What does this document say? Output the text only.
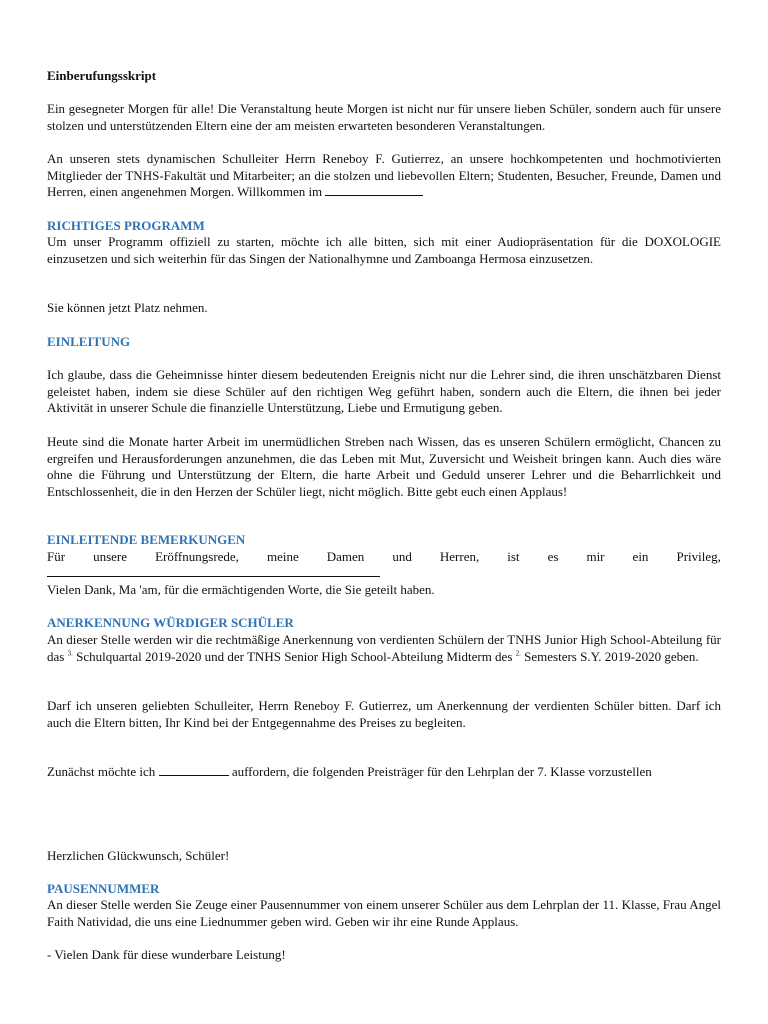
Einberufungsskript
Ein gesegneter Morgen für alle! Die Veranstaltung heute Morgen ist nicht nur für unsere lieben Schüler, sondern auch für unsere stolzen und unterstützenden Eltern eine der am meisten erwarteten besonderen Veranstaltungen.
An unseren stets dynamischen Schulleiter Herrn Reneboy F. Gutierrez, an unsere hochkompetenten und hochmotivierten Mitglieder der TNHS-Fakultät und Mitarbeiter; an die stolzen und liebevollen Eltern; Studenten, Besucher, Freunde, Damen und Herren, einen angenehmen Morgen. Willkommen im
RICHTIGES PROGRAMM
Um unser Programm offiziell zu starten, möchte ich alle bitten, sich mit einer Audiopräsentation für die DOXOLOGIE einzusetzen und sich weiterhin für das Singen der Nationalhymne und Zamboanga Hermosa einzusetzen.
Sie können jetzt Platz nehmen.
EINLEITUNG
Ich glaube, dass die Geheimnisse hinter diesem bedeutenden Ereignis nicht nur die Lehrer sind, die ihren unschätzbaren Dienst geleistet haben, indem sie diese Schüler auf den richtigen Weg geführt haben, sondern auch die Eltern, die ihnen bei jeder Aktivität in unserer Schule die finanzielle Unterstützung, Liebe und Ermutigung geben.
Heute sind die Monate harter Arbeit im unermüdlichen Streben nach Wissen, das es unseren Schülern ermöglicht, Chancen zu ergreifen und Herausforderungen anzunehmen, die das Leben mit Mut, Zuversicht und Weisheit bringen kann. Auch dies wäre ohne die Führung und Unterstützung der Eltern, die harte Arbeit und Geduld unserer Lehrer und die Beharrlichkeit und Entschlossenheit, die in den Herzen der Schüler liegt, nicht möglich. Bitte gebt euch einen Applaus!
EINLEITENDE BEMERKUNGEN
Für unsere Eröffnungsrede, meine Damen und Herren, ist es mir ein Privileg,
Vielen Dank, Ma 'am, für die ermächtigenden Worte, die Sie geteilt haben.
ANERKENNUNG WÜRDIGER SCHÜLER
An dieser Stelle werden wir die rechtmäßige Anerkennung von verdienten Schülern der TNHS Junior High School-Abteilung für das $^{3.}$ Schulquartal 2019-2020 und der TNHS Senior High School-Abteilung Midterm des $^{2.}$ Semesters S.Y. 2019-2020 geben.
Darf ich unseren geliebten Schulleiter, Herrn Reneboy F. Gutierrez, um Anerkennung der verdienten Schüler bitten. Darf ich auch die Eltern bitten, Ihr Kind bei der Entgegennahme des Preises zu begleiten.
Zunächst möchte ich	auffordern, die folgenden Preisträger für den Lehrplan der 7. Klasse vorzustellen
Herzlichen Glückwunsch, Schüler!
PAUSENNUMMER
An dieser Stelle werden Sie Zeuge einer Pausennummer von einem unserer Schüler aus dem Lehrplan der 11. Klasse, Frau Angel Faith Natividad, die uns eine Liednummer geben wird. Geben wir ihr eine Runde Applaus.
- Vielen Dank für diese wunderbare Leistung!
